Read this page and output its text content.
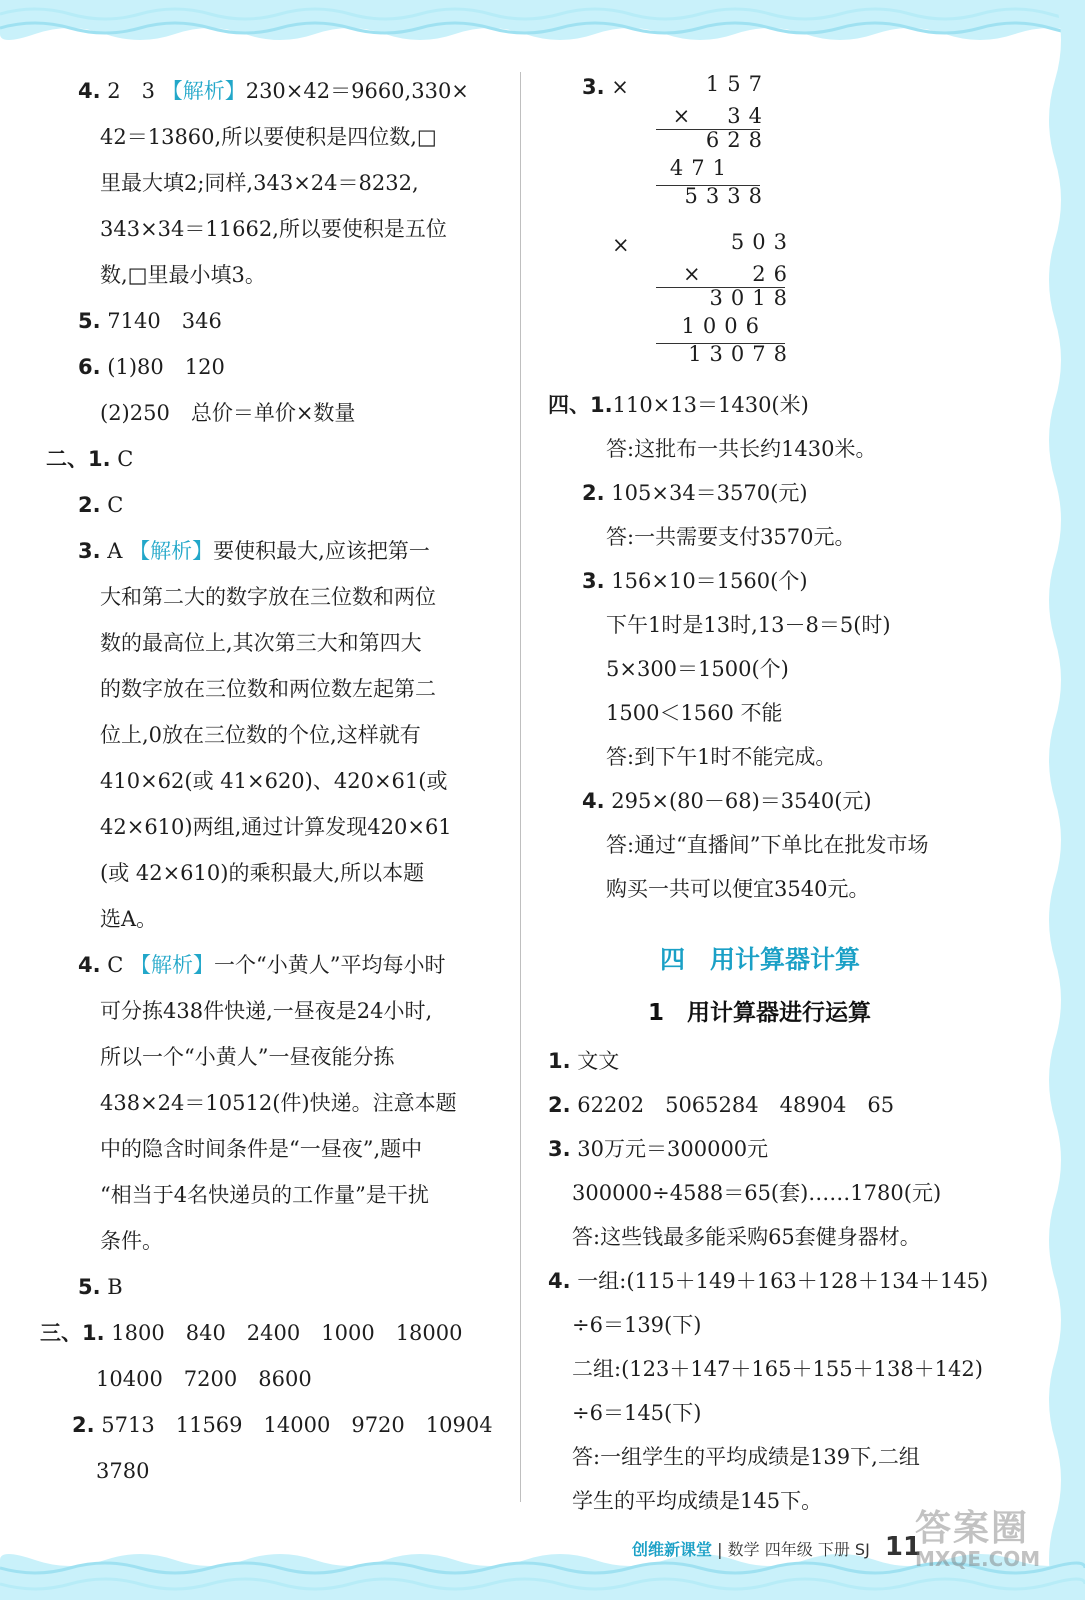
4. 2　3 【解析】230×42＝9660,330×
42＝13860,所以要使积是四位数,□
里最大填2;同样,343×24＝8232,
343×34＝11662,所以要使积是五位
数,□里最小填3。
5. 7140　346
6. (1)80　120
(2)250　总价＝单价×数量
二、1. C
2. C
3. A 【解析】要使积最大,应该把第一
大和第二大的数字放在三位数和两位
数的最高位上,其次第三大和第四大
的数字放在三位数和两位数左起第二
位上,0放在三位数的个位,这样就有
410×62(或 41×620)、420×61(或
42×610)两组,通过计算发现420×61
(或 42×610)的乘积最大,所以本题
选A。
4. C 【解析】一个“小黄人”平均每小时
可分拣438件快递,一昼夜是24小时,
所以一个“小黄人”一昼夜能分拣
438×24＝10512(件)快递。注意本题
中的隐含时间条件是“一昼夜”,题中
“相当于4名快递员的工作量”是干扰
条件。
5. B
三、1. 1800　840　2400　1000　18000
10400　7200　8600
2. 5713　11569　14000　9720　10904
3780
3. ×	157
×　34
628
471
5338
×	503
×　 26
3018
1006
13078
四、1.110×13＝1430(米)
答:这批布一共长约1430米。
2. 105×34＝3570(元)
答:一共需要支付3570元。
3. 156×10＝1560(个)
下午1时是13时,13－8＝5(时)
5×300＝1500(个)
1500＜1560 不能
答:到下午1时不能完成。
4. 295×(80－68)＝3540(元)
答:通过“直播间”下单比在批发市场
购买一共可以便宜3540元。
四　用计算器计算
1　用计算器进行运算
1. 文文
2. 62202　5065284　48904　65
3. 30万元＝300000元
300000÷4588＝65(套)……1780(元)
答:这些钱最多能采购65套健身器材。
4. 一组:(115＋149＋163＋128＋134＋145)
÷6＝139(下)
二组:(123＋147＋165＋155＋138＋142)
÷6＝145(下)
答:一组学生的平均成绩是139下,二组
学生的平均成绩是145下。
创维新课堂 | 数学 四年级 下册 SJ 11
答案圈
MXQE.COM
